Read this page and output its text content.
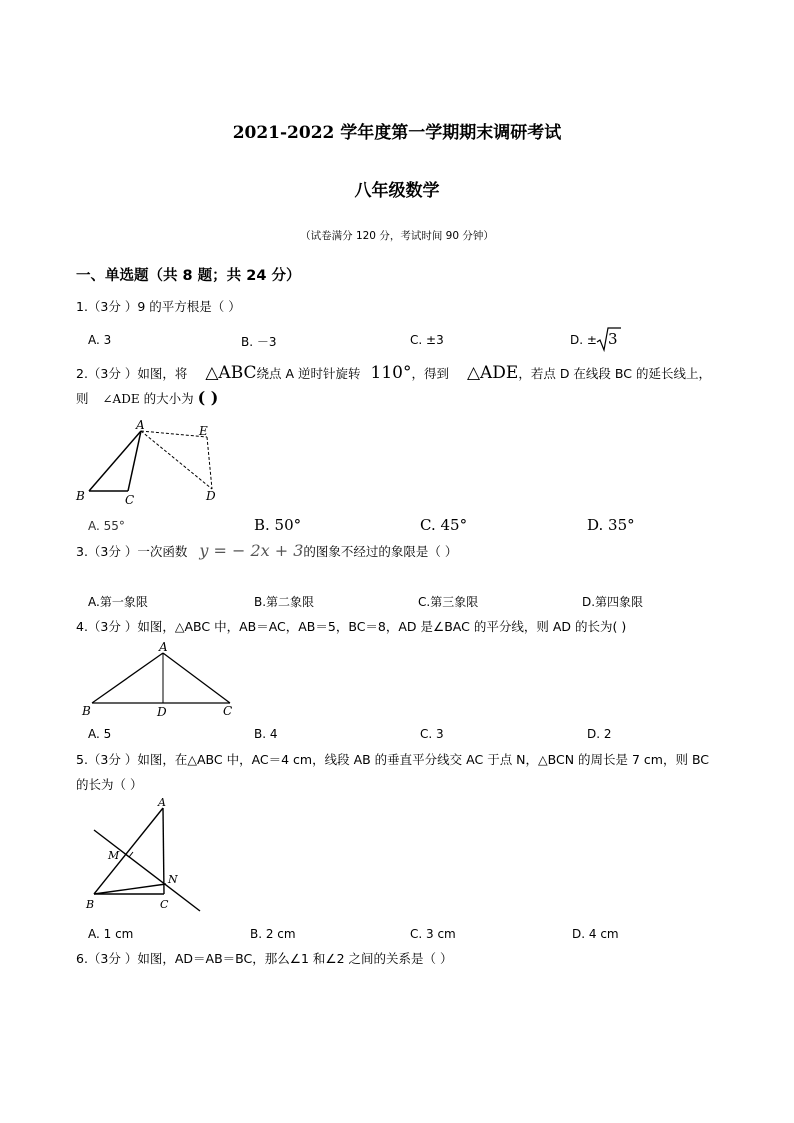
2021-2022 学年度第一学期期末调研考试
八年级数学
（试卷满分 120 分，考试时间 90 分钟）
一、单选题（共 8 题；共 24 分）
1.（3分 ）9 的平方根是（ ）
A. 3	B. －3	C. ±3	D. ± 3
2.（3分 ）如图，将 △ABC绕点 A 逆时针旋转 110°，得到 △ADE，若点 D 在线段 BC 的延长线上，
则 ∠ADE 的大小为 ( )
A
B	C	D
E
A. 55°	B. 50°	C. 45°	D. 35°
3.（3分 ）一次函数 y = − 2x + 3的图象不经过的象限是（ ）
A.第一象限	B.第二象限	C.第三象限	D.第四象限
4.（3分 ）如图，△ABC 中，AB＝AC，AB＝5，BC＝8，AD 是∠BAC 的平分线，则 AD 的长为( )
A
B	C
D
A. 5	B. 4	C. 3	D. 2
5.（3分 ）如图，在△ABC 中，AC＝4 cm，线段 AB 的垂直平分线交 AC 于点 N，△BCN 的周长是 7 cm，则 BC
的长为（ ）
A
B	C
M
N
A. 1 cm	B. 2 cm	C. 3 cm	D. 4 cm
6.（3分 ）如图，AD＝AB＝BC，那么∠1 和∠2 之间的关系是（ ）
